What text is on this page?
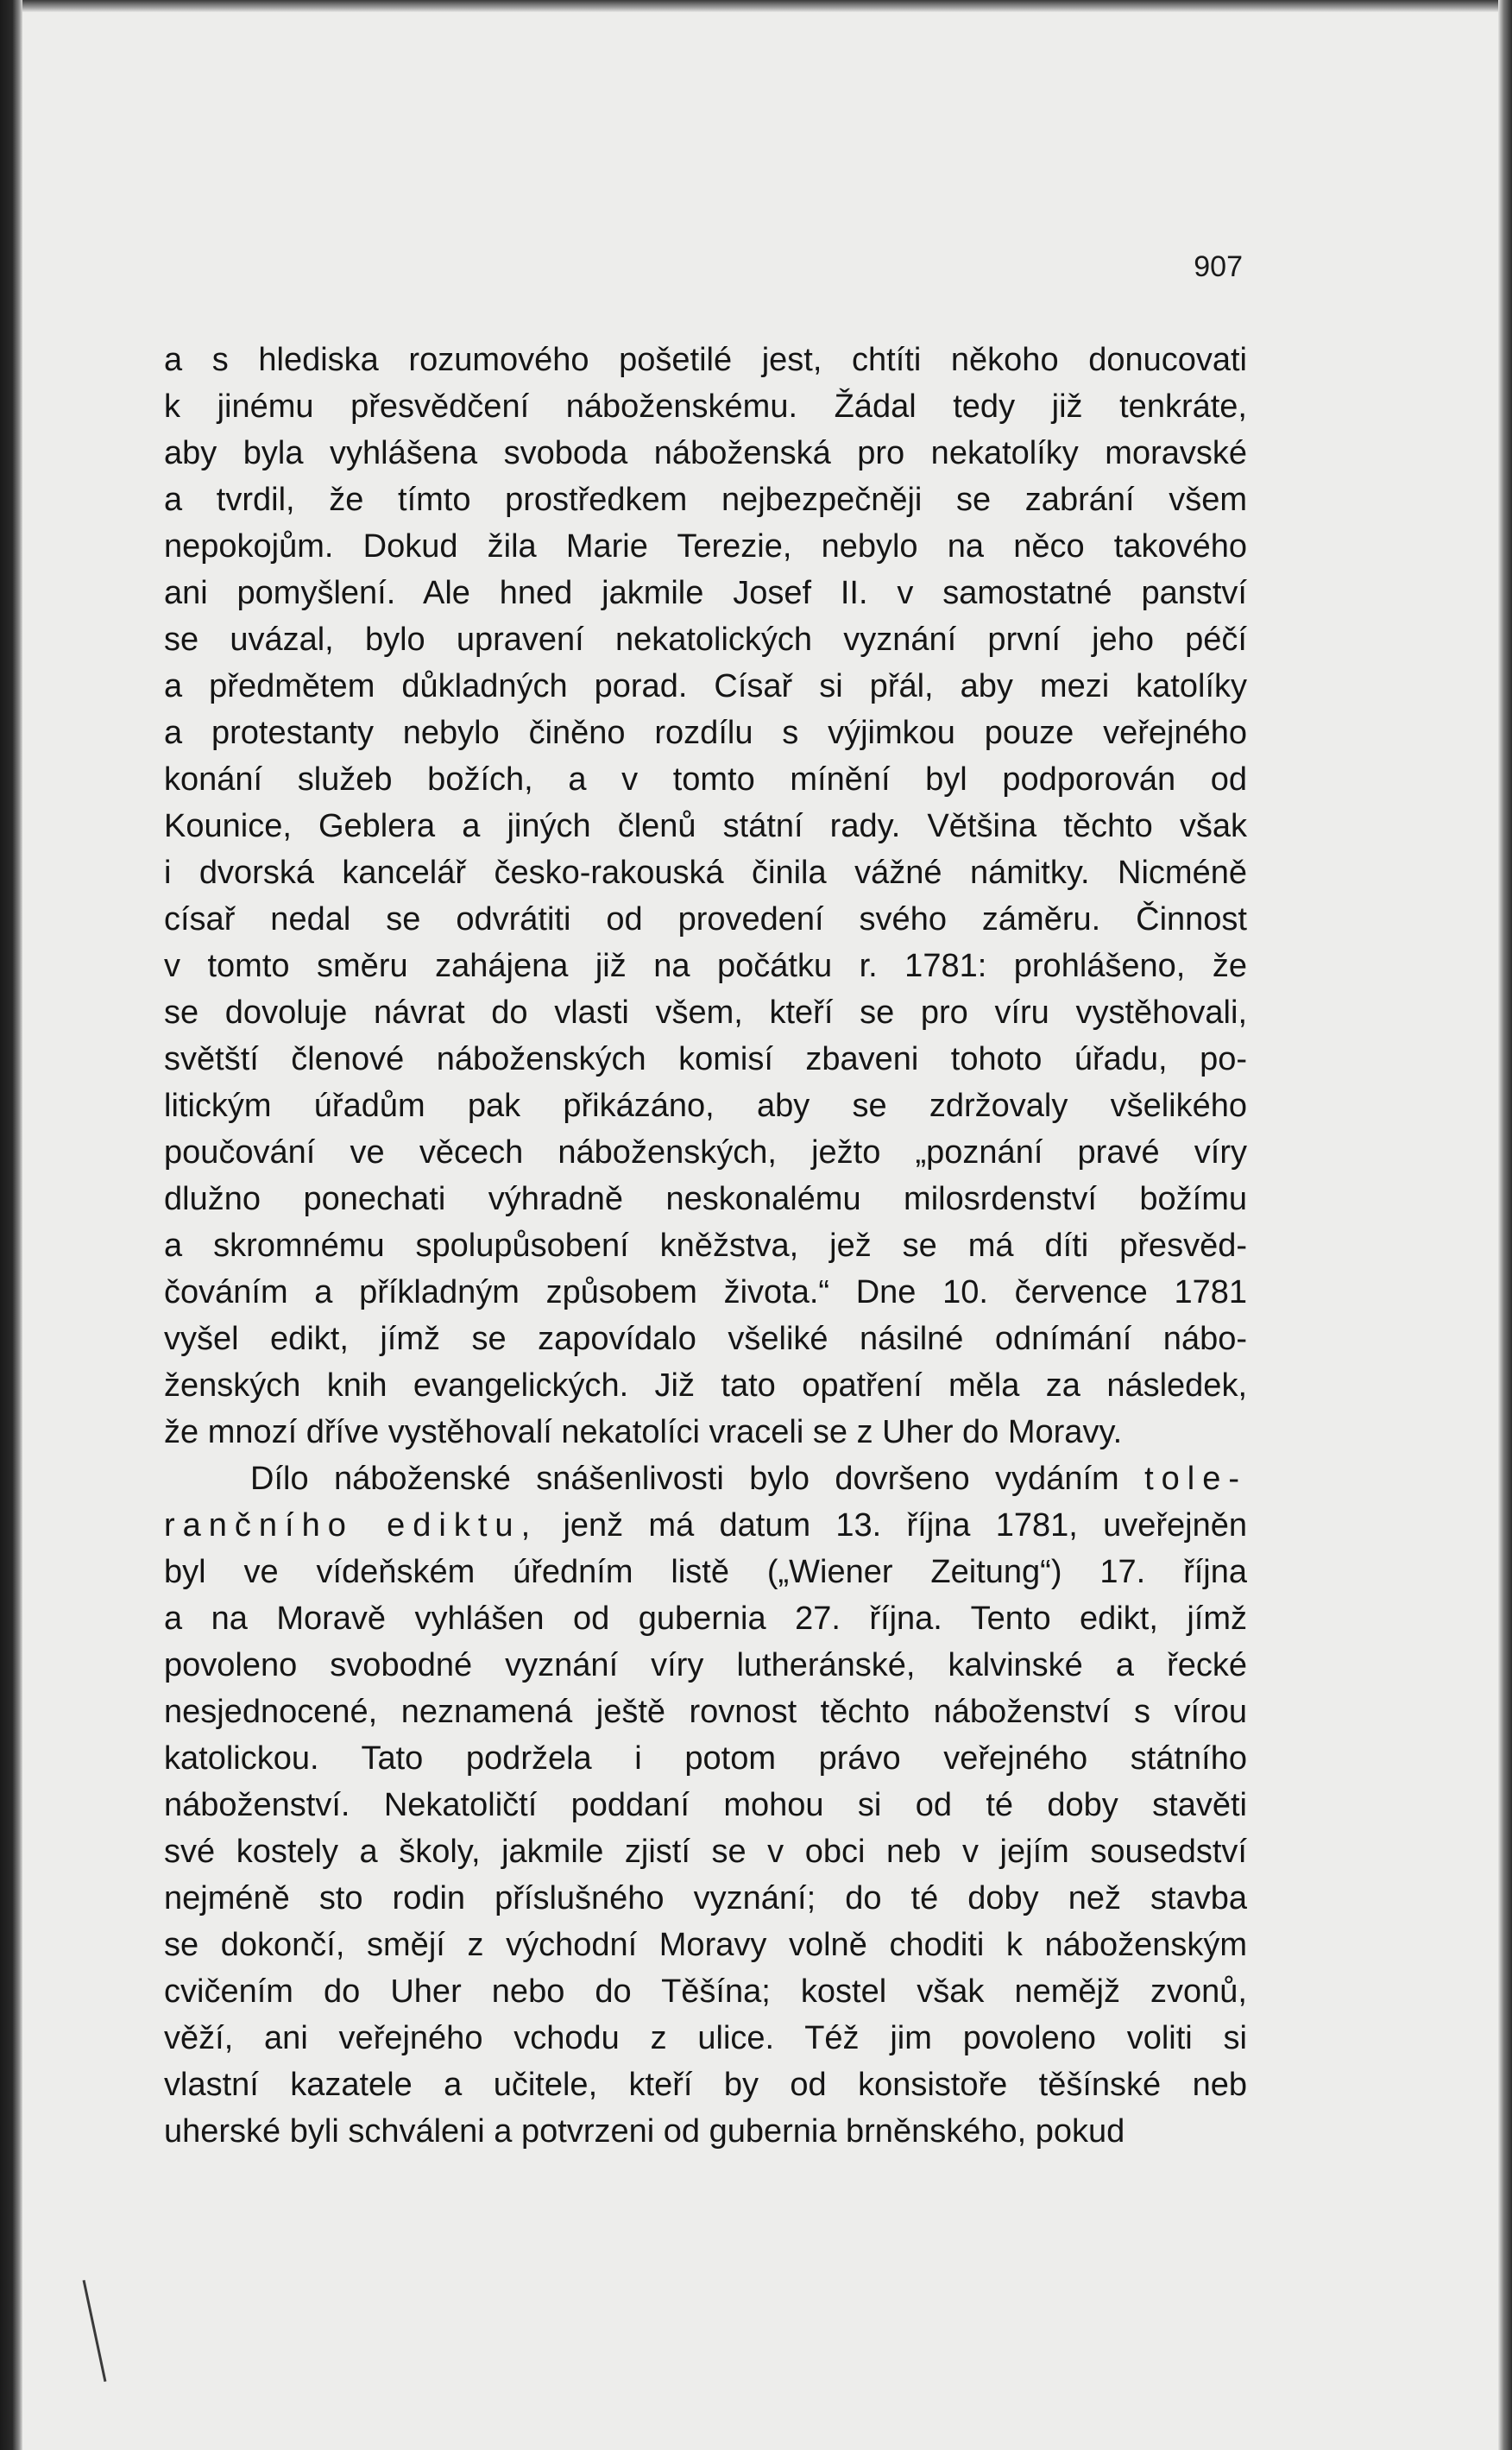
907
a s hlediska rozumového pošetilé jest, chtíti někoho donucovati
k jinému přesvědčení náboženskému. Žádal tedy již tenkráte,
aby byla vyhlášena svoboda náboženská pro nekatolíky moravské
a tvrdil, že tímto prostředkem nejbezpečněji se zabrání všem
nepokojům. Dokud žila Marie Terezie, nebylo na něco takového
ani pomyšlení. Ale hned jakmile Josef II. v samostatné panství
se uvázal, bylo upravení nekatolických vyznání první jeho péčí
a předmětem důkladných porad. Císař si přál, aby mezi katolíky
a protestanty nebylo činěno rozdílu s výjimkou pouze veřejného
konání služeb božích, a v tomto mínění byl podporován od
Kounice, Geblera a jiných členů státní rady. Většina těchto však
i dvorská kancelář česko-rakouská činila vážné námitky. Nicméně
císař nedal se odvrátiti od provedení svého záměru. Činnost
v tomto směru zahájena již na počátku r. 1781: prohlášeno, že
se dovoluje návrat do vlasti všem, kteří se pro víru vystěhovali,
světští členové náboženských komisí zbaveni tohoto úřadu, po-
litickým úřadům pak přikázáno, aby se zdržovaly všelikého
poučování ve věcech náboženských, ježto „poznání pravé víry
dlužno ponechati výhradně neskonalému milosrdenství božímu
a skromnému spolupůsobení kněžstva, jež se má díti přesvěd-
čováním a příkladným způsobem života.“ Dne 10. července 1781
vyšel edikt, jímž se zapovídalo všeliké násilné odnímání nábo-
ženských knih evangelických. Již tato opatření měla za následek,
že mnozí dříve vystěhovalí nekatolíci vraceli se z Uher do Moravy.
Dílo náboženské snášenlivosti bylo dovršeno vydáním tole-
rančního ediktu, jenž má datum 13. října 1781, uveřejněn
byl ve vídeňském úředním listě („Wiener Zeitung“) 17. října
a na Moravě vyhlášen od gubernia 27. října. Tento edikt, jímž
povoleno svobodné vyznání víry lutheránské, kalvinské a řecké
nesjednocené, neznamená ještě rovnost těchto náboženství s vírou
katolickou. Tato podržela i potom právo veřejného státního
náboženství. Nekatoličtí poddaní mohou si od té doby stavěti
své kostely a školy, jakmile zjistí se v obci neb v jejím sousedství
nejméně sto rodin příslušného vyznání; do té doby než stavba
se dokončí, smějí z východní Moravy volně choditi k náboženským
cvičením do Uher nebo do Těšína; kostel však nemějž zvonů,
věží, ani veřejného vchodu z ulice. Též jim povoleno voliti si
vlastní kazatele a učitele, kteří by od konsistoře těšínské neb
uherské byli schváleni a potvrzeni od gubernia brněnského, pokud
